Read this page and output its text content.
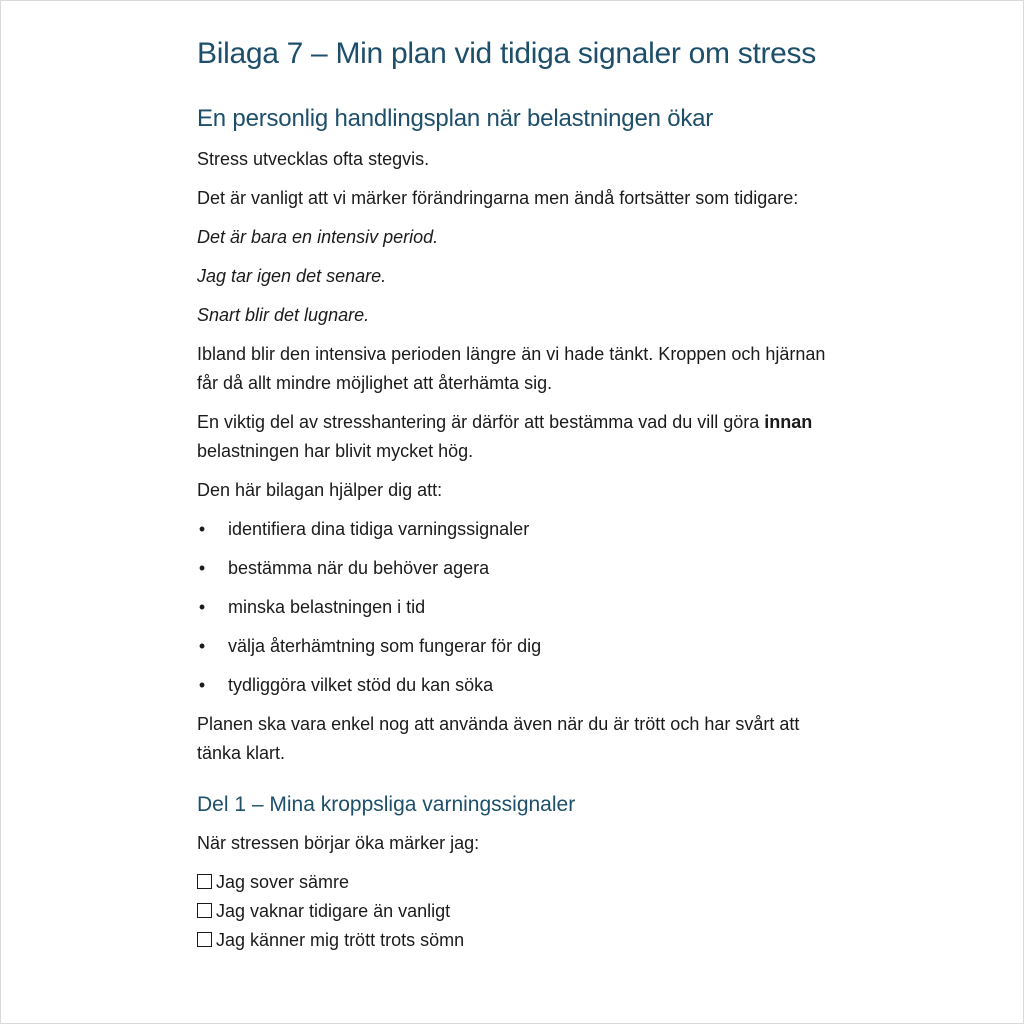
Bilaga 7 – Min plan vid tidiga signaler om stress
En personlig handlingsplan när belastningen ökar

Stress utvecklas ofta stegvis.

Det är vanligt att vi märker förändringarna men ändå fortsätter som tidigare:

Det är bara en intensiv period.

Jag tar igen det senare.

Snart blir det lugnare.

Ibland blir den intensiva perioden längre än vi hade tänkt. Kroppen och hjärnan får då allt mindre möjlighet att återhämta sig.

En viktig del av stresshantering är därför att bestämma vad du vill göra innan belastningen har blivit mycket hög.

Den här bilagan hjälper dig att:

• identifiera dina tidiga varningssignaler
• bestämma när du behöver agera
• minska belastningen i tid
• välja återhämtning som fungerar för dig
• tydliggöra vilket stöd du kan söka

Planen ska vara enkel nog att använda även när du är trött och har svårt att tänka klart.

Del 1 – Mina kroppsliga varningssignaler

När stressen börjar öka märker jag:

Jag sover sämre
Jag vaknar tidigare än vanligt
Jag känner mig trött trots sömn
